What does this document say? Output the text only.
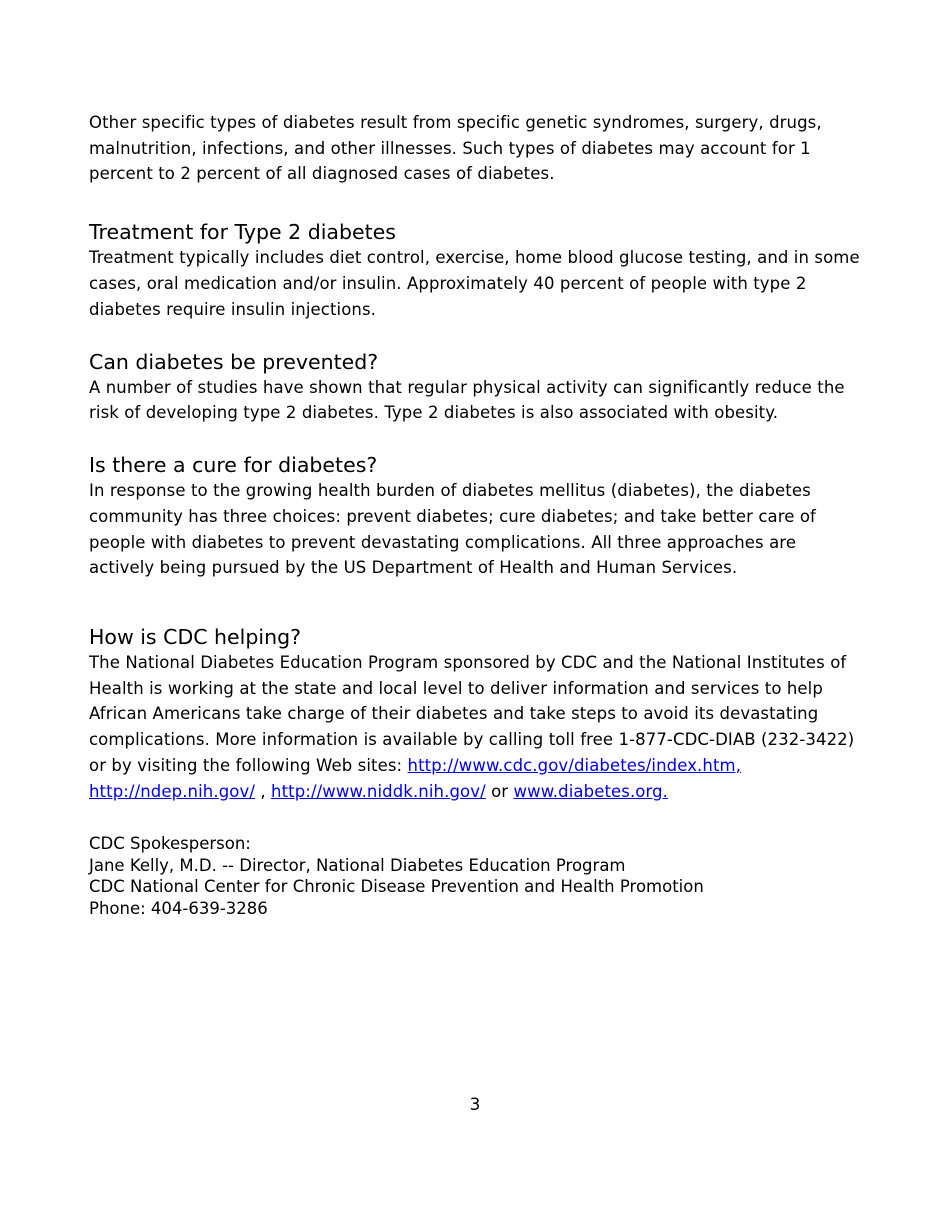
Other specific types of diabetes result from specific genetic syndromes, surgery, drugs, malnutrition, infections, and other illnesses. Such types of diabetes may account for 1 percent to 2 percent of all diagnosed cases of diabetes.

Treatment for Type 2 diabetes

Treatment typically includes diet control, exercise, home blood glucose testing, and in some cases, oral medication and/or insulin. Approximately 40 percent of people with type 2 diabetes require insulin injections.

Can diabetes be prevented?

A number of studies have shown that regular physical activity can significantly reduce the risk of developing type 2 diabetes. Type 2 diabetes is also associated with obesity.

Is there a cure for diabetes?

In response to the growing health burden of diabetes mellitus (diabetes), the diabetes community has three choices: prevent diabetes; cure diabetes; and take better care of people with diabetes to prevent devastating complications. All three approaches are actively being pursued by the US Department of Health and Human Services.

How is CDC helping?

The National Diabetes Education Program sponsored by CDC and the National Institutes of Health is working at the state and local level to deliver information and services to help African Americans take charge of their diabetes and take steps to avoid its devastating complications. More information is available by calling toll free 1-877-CDC-DIAB (232-3422) or by visiting the following Web sites: http://www.cdc.gov/diabetes/index.htm,
http://ndep.nih.gov/ , http://www.niddk.nih.gov/ or www.diabetes.org.

CDC Spokesperson:
Jane Kelly, M.D. -- Director, National Diabetes Education Program
CDC National Center for Chronic Disease Prevention and Health Promotion
Phone: 404-639-3286
3
